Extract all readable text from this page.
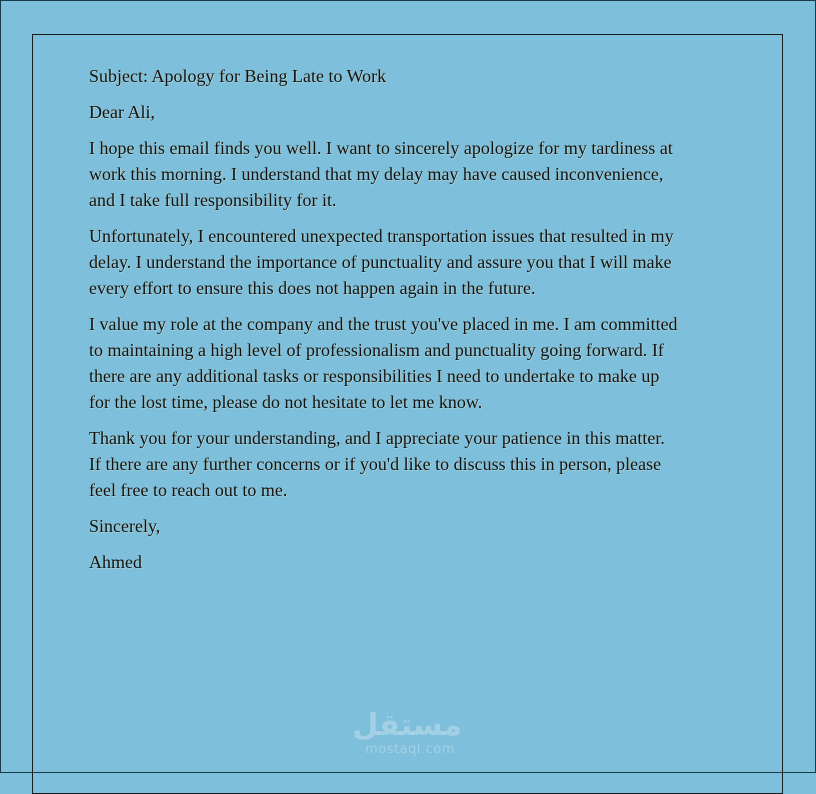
Subject: Apology for Being Late to Work

Dear Ali,

I hope this email finds you well. I want to sincerely apologize for my tardiness at work this morning. I understand that my delay may have caused inconvenience, and I take full responsibility for it.

Unfortunately, I encountered unexpected transportation issues that resulted in my delay. I understand the importance of punctuality and assure you that I will make every effort to ensure this does not happen again in the future.

I value my role at the company and the trust you've placed in me. I am committed to maintaining a high level of professionalism and punctuality going forward. If there are any additional tasks or responsibilities I need to undertake to make up for the lost time, please do not hesitate to let me know.

Thank you for your understanding, and I appreciate your patience in this matter. If there are any further concerns or if you'd like to discuss this in person, please feel free to reach out to me.

Sincerely,

Ahmed

مستقل
mostaql.com
